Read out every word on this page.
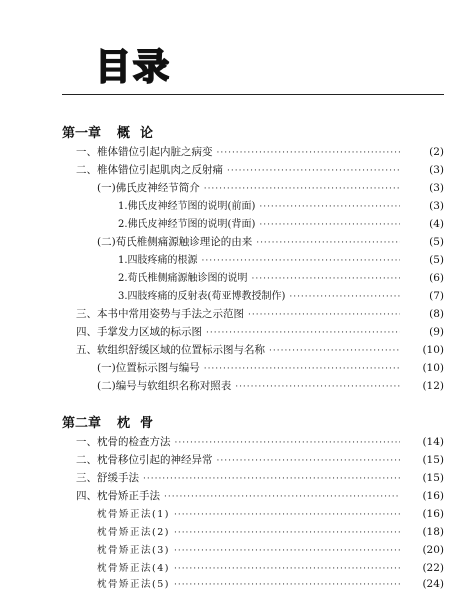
目录
第一章 概论
一、椎体错位引起内脏之病变 ·····	(2)
二、椎体错位引起肌肉之反射痛 ·····	(3)
(一)佛氏皮神经节简介 ·····	(3)
1.佛氏皮神经节图的说明(前面) ·····	(3)
2.佛氏皮神经节图的说明(背面) ·····	(4)
(二)荀氏椎侧痛源触诊理论的由来 ·····	(5)
1.四肢疼痛的根源 ·····	(5)
2.荀氏椎侧痛源触诊图的说明 ·····	(6)
3.四肢疼痛的反射表(荀亚博教授制作) ·····	(7)
三、本书中常用姿势与手法之示范图 ·····	(8)
四、手掌发力区域的标示图 ·····	(9)
五、软组织舒缓区域的位置标示图与名称 ·····	(10)
(一)位置标示图与编号 ·····	(10)
(二)编号与软组织名称对照表 ·····	(12)
第二章 枕骨
一、枕骨的检查方法 ·····	(14)
二、枕骨移位引起的神经异常 ·····	(15)
三、舒缓手法 ·····	(15)
四、枕骨矫正手法 ·····	(16)
枕骨矫正法(1) ·····	(16)
枕骨矫正法(2) ·····	(18)
枕骨矫正法(3) ·····	(20)
枕骨矫正法(4) ·····	(22)
枕骨矫正法(5) ·····	(24)
